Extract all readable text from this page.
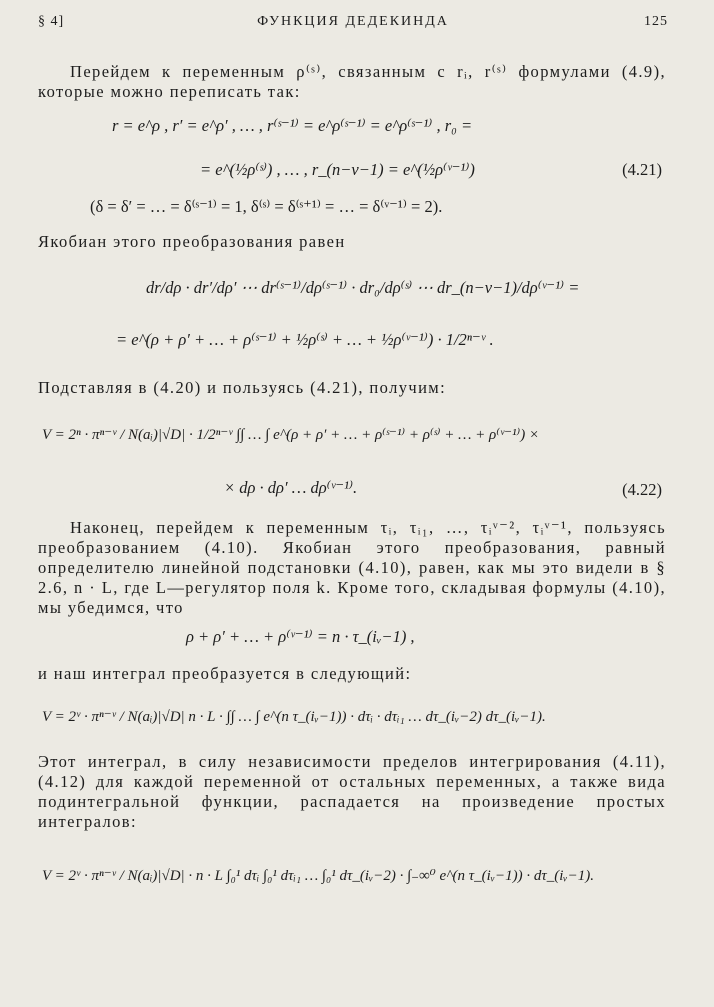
§ 4]	ФУНКЦИЯ ДЕДЕКИНДА	125
Перейдем к переменным ρ⁽ˢ⁾, связанным с rᵢ, r⁽ˢ⁾ формулами (4.9), которые можно переписать так:
r = e^ρ , r′ = e^ρ′ , … , r⁽ˢ⁻¹⁾ = e^ρ⁽ˢ⁻¹⁾ = e^ρ⁽ˢ⁻¹⁾ , r₀ =
= e^(½ρ⁽ˢ⁾) , … , r_(n−ν−1) = e^(½ρ⁽ᵛ⁻¹⁾)	(4.21)
(δ = δ′ = … = δ⁽ˢ⁻¹⁾ = 1, δ⁽ˢ⁾ = δ⁽ˢ⁺¹⁾ = … = δ⁽ᵛ⁻¹⁾ = 2).
Якобиан этого преобразования равен
dr/dρ · dr′/dρ′ ⋯ dr⁽ˢ⁻¹⁾/dρ⁽ˢ⁻¹⁾ · dr₀/dρ⁽ˢ⁾ ⋯ dr_(n−ν−1)/dρ⁽ᵛ⁻¹⁾ =
= e^(ρ + ρ′ + … + ρ⁽ˢ⁻¹⁾ + ½ρ⁽ˢ⁾ + … + ½ρ⁽ᵛ⁻¹⁾) · 1/2ⁿ⁻ᵛ .
Подставляя в (4.20) и пользуясь (4.21), получим:
V = 2ⁿ · πⁿ⁻ᵛ / N(aᵢ)|√D| · 1/2ⁿ⁻ᵛ ∫∫ … ∫ e^(ρ + ρ′ + … + ρ⁽ˢ⁻¹⁾ + ρ⁽ˢ⁾ + … + ρ⁽ᵛ⁻¹⁾) ×
× dρ · dρ′ … dρ⁽ᵛ⁻¹⁾.	(4.22)
Наконец, перейдем к переменным τᵢ, τᵢ₁, …, τᵢᵛ⁻², τᵢᵛ⁻¹, пользуясь преобразованием (4.10). Якобиан этого преобразования, равный определителю линейной подстановки (4.10), равен, как мы это видели в § 2.6, n · L, где L—регулятор поля k. Кроме того, складывая формулы (4.10), мы убедимся, что
ρ + ρ′ + … + ρ⁽ᵛ⁻¹⁾ = n · τ_(iᵥ−1) ,
и наш интеграл преобразуется в следующий:
V = 2ᵛ · πⁿ⁻ᵛ / N(aᵢ)|√D| n · L · ∫∫ … ∫ e^(n τ_(iᵥ−1)) · dτᵢ · dτᵢ₁ … dτ_(iᵥ−2) dτ_(iᵥ−1).
Этот интеграл, в силу независимости пределов интегрирования (4.11), (4.12) для каждой переменной от остальных переменных, а также вида подинтегральной функции, распадается на произведение простых интегралов:
V = 2ᵛ · πⁿ⁻ᵛ / N(aᵢ)|√D| · n · L ∫₀¹ dτᵢ ∫₀¹ dτᵢ₁ … ∫₀¹ dτ_(iᵥ−2) · ∫₋∞⁰ e^(n τ_(iᵥ−1)) · dτ_(iᵥ−1).
